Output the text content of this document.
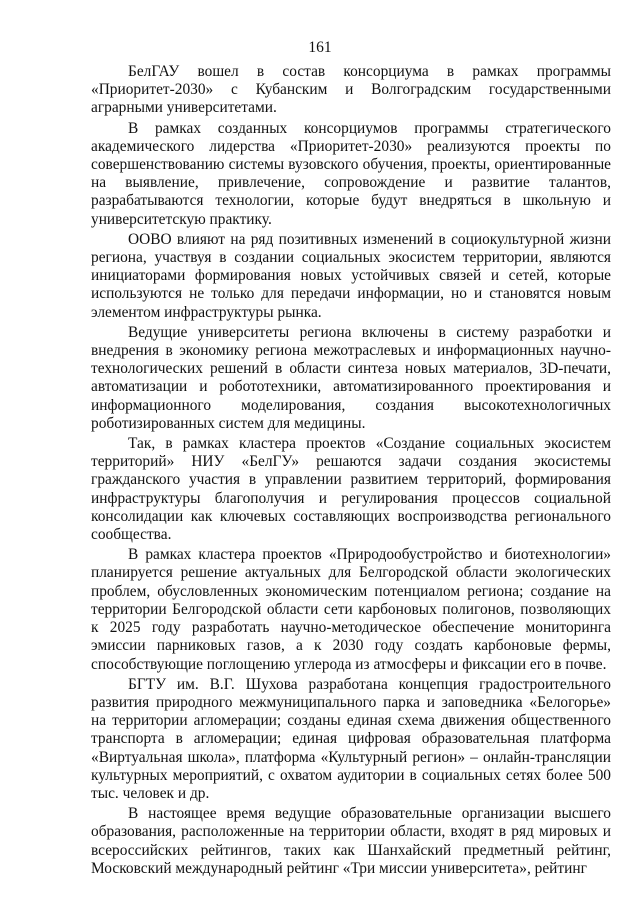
161

БелГАУ вошел в состав консорциума в рамках программы «Приоритет-2030» с Кубанским и Волгоградским государственными аграрными университетами.

В рамках созданных консорциумов программы стратегического академического лидерства «Приоритет-2030» реализуются проекты по совершенствованию системы вузовского обучения, проекты, ориентированные на выявление, привлечение, сопровождение и развитие талантов, разрабатываются технологии, которые будут внедряться в школьную и университетскую практику.

ООВО влияют на ряд позитивных изменений в социокультурной жизни региона, участвуя в создании социальных экосистем территории, являются инициаторами формирования новых устойчивых связей и сетей, которые используются не только для передачи информации, но и становятся новым элементом инфраструктуры рынка.

Ведущие университеты региона включены в систему разработки и внедрения в экономику региона межотраслевых и информационных научно-технологических решений в области синтеза новых материалов, 3D-печати, автоматизации и робототехники, автоматизированного проектирования и информационного моделирования, создания высокотехнологичных роботизированных систем для медицины.

Так, в рамках кластера проектов «Создание социальных экосистем территорий» НИУ «БелГУ» решаются задачи создания экосистемы гражданского участия в управлении развитием территорий, формирования инфраструктуры благополучия и регулирования процессов социальной консолидации как ключевых составляющих воспроизводства регионального сообщества.

В рамках кластера проектов «Природообустройство и биотехнологии» планируется решение актуальных для Белгородской области экологических проблем, обусловленных экономическим потенциалом региона; создание на территории Белгородской области сети карбоновых полигонов, позволяющих к 2025 году разработать научно-методическое обеспечение мониторинга эмиссии парниковых газов, а к 2030 году создать карбоновые фермы, способствующие поглощению углерода из атмосферы и фиксации его в почве.

БГТУ им. В.Г. Шухова разработана концепция градостроительного развития природного межмуниципального парка и заповедника «Белогорье» на территории агломерации; созданы единая схема движения общественного транспорта в агломерации; единая цифровая образовательная платформа «Виртуальная школа», платформа «Культурный регион» – онлайн-трансляции культурных мероприятий, с охватом аудитории в социальных сетях более 500 тыс. человек и др.

В настоящее время ведущие образовательные организации высшего образования, расположенные на территории области, входят в ряд мировых и всероссийских рейтингов, таких как Шанхайский предметный рейтинг, Московский международный рейтинг «Три миссии университета», рейтинг
